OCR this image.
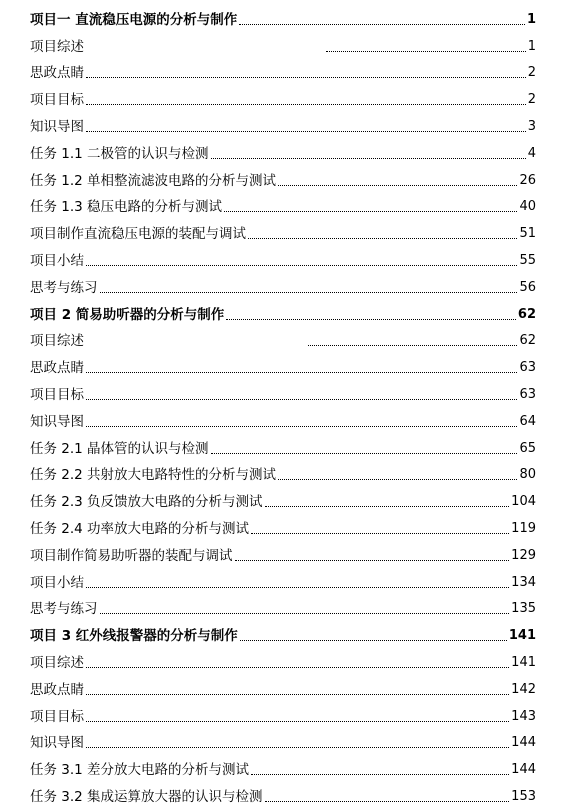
项目一 直流稳压电源的分析与制作	1
项目综述	1
思政点睛	2
项目目标	2
知识导图	3
任务 1.1 二极管的认识与检测	4
任务 1.2 单相整流滤波电路的分析与测试	26
任务 1.3 稳压电路的分析与测试	40
项目制作直流稳压电源的装配与调试	51
项目小结	55
思考与练习	56
项目 2 简易助听器的分析与制作	62
项目综述	62
思政点睛	63
项目目标	63
知识导图	64
任务 2.1 晶体管的认识与检测	65
任务 2.2 共射放大电路特性的分析与测试	80
任务 2.3 负反馈放大电路的分析与测试	104
任务 2.4 功率放大电路的分析与测试	119
项目制作简易助听器的装配与调试	129
项目小结	134
思考与练习	135
项目 3 红外线报警器的分析与制作	141
项目综述	141
思政点睛	142
项目目标	143
知识导图	144
任务 3.1 差分放大电路的分析与测试	144
任务 3.2 集成运算放大器的认识与检测	153
